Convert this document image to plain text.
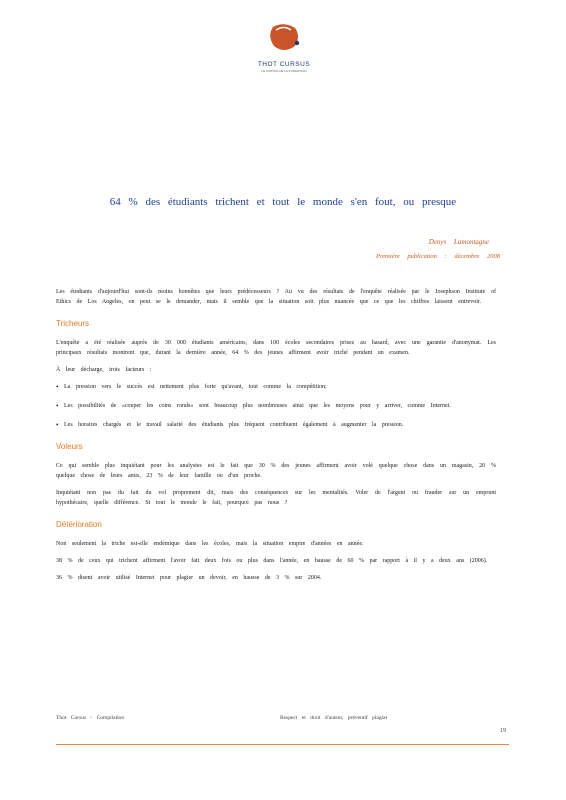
THOT CURSUS
LE PORTAIL DE LA FORMATION
64 % des étudiants trichent et tout le monde s'en fout, ou presque
Denys Lamontagne
Première publication : décembre 2008

Les étudiants d'aujourd'hui sont-ils moins honnêtes que leurs prédécesseurs ? Au vu des résultats de l'enquête réalisée par le Josephson Institute of Ethics de Los Angeles, on peut se le demander, mais il semble que la situation soit plus nuancée que ce que les chiffres laissent entrevoir.

Tricheurs

L'enquête a été réalisée auprès de 30 000 étudiants américains, dans 100 écoles secondaires prises au hasard, avec une garantie d'anonymat. Les principaux résultats montrent que, durant la dernière année, 64 % des jeunes affirment avoir triché pendant un examen.

À leur décharge, trois facteurs :

• La pression vers le succès est nettement plus forte qu'avant, tout comme la compétition;
• Les possibilités de «couper les coins ronds» sont beaucoup plus nombreuses ainsi que les moyens pour y arriver, comme Internet.
• Les horaires chargés et le travail salarié des étudiants plus fréquent contribuent également à augmenter la pression.
Voleurs

Ce qui semble plus inquiétant pour les analystes est le fait que 30 % des jeunes affirment avoir volé quelque chose dans un magasin, 20 % quelque chose de leurs amis, 23 % de leur famille ou d'un proche.

Inquiétant non pas du fait du vol proprement dit, mais des conséquences sur les mentalités. Voler de l'argent ou frauder sur un emprunt hypothécaire, quelle différence. Si tout le monde le fait, pourquoi pas nous ?

Détérioration

Non seulement la triche est-elle endémique dans les écoles, mais la situation empire d'années en année.

38 % de ceux qui trichent affirment l'avoir fait deux fois ou plus dans l'année, en hausse de 60 % par rapport à il y a deux ans (2006).

36 % disent avoir utilisé Internet pour plagier un devoir, en hausse de 3 % sur 2004.

Thot Cursus - Compilation	Respect et droit d'auteur, préventif plagiat
19
